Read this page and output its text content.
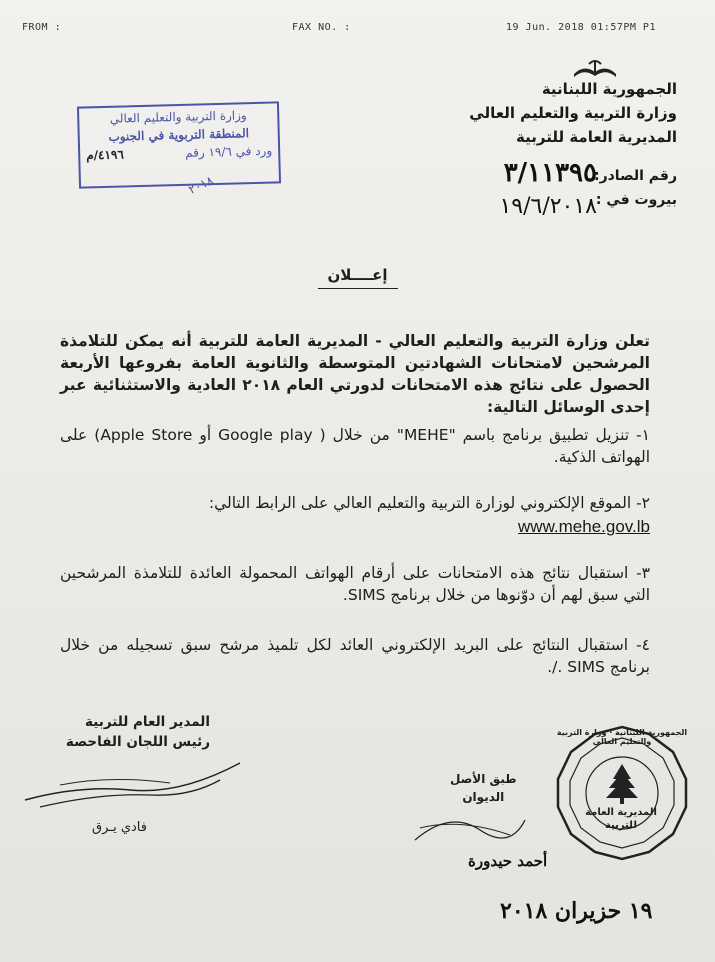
FROM :	FAX NO. :	19 Jun. 2018 01:57PM P1
الجمهورية اللبنانية
وزارة التربية والتعليم العالي
المديرية العامة للتربية
رقم الصادر:
٣/١١٣٩٥
بيروت في :
١٩/٦/٢٠١٨
وزارة التربية والتعليم العالي
المنطقة التربوية في الجنوب
ورد في ١٩/٦ رقم
٤١٩٦/م
٢٠١٨
إعــــلان

تعلن وزارة التربية والتعليم العالي - المديرية العامة للتربية أنه يمكن للتلامذة المرشحين لامتحانات الشهادتين المتوسطة والثانوية العامة بفروعها الأربعة الحصول على نتائج هذه الامتحانات لدورتي العام ٢٠١٨ العادية والاستثنائية عبر إحدى الوسائل التالية:

١- تنزيل تطبيق برنامج باسم "MEHE" من خلال ( Google play أو Apple Store) على الهواتف الذكية.

٢- الموقع الإلكتروني لوزارة التربية والتعليم العالي على الرابط التالي:

www.mehe.gov.lb

٣- استقبال نتائج هذه الامتحانات على أرقام الهواتف المحمولة العائدة للتلامذة المرشحين التي سبق لهم أن دوّنوها من خلال برنامج SIMS.

٤- استقبال النتائج على البريد الإلكتروني العائد لكل تلميذ مرشح سبق تسجيله من خلال برنامج SIMS ./.

المدير العام للتربية
رئيس اللجان الفاحصة
فادي يـرق
طبق الأصل
الديوان
أحمد حيدورة
١٩ حزيران ٢٠١٨
المديرية العامة
للتربية
الجمهورية اللبنانية · وزارة التربية والتعليم العالي
